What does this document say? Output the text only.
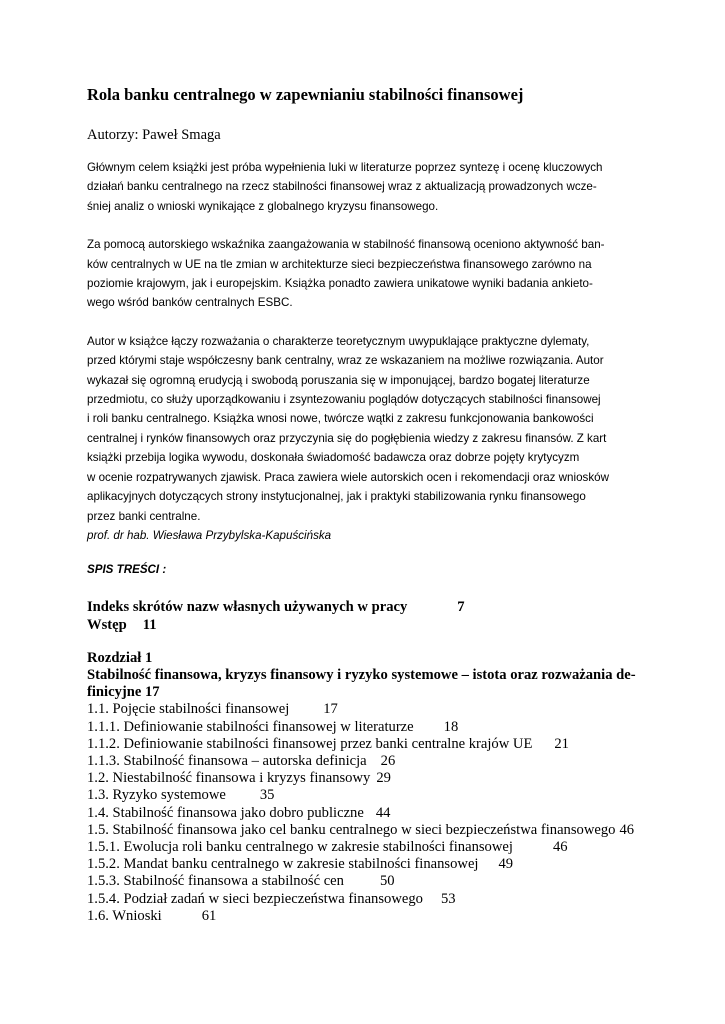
Rola banku centralnego w zapewnianiu stabilności finansowej

Autorzy: Paweł Smaga

Głównym celem książki jest próba wypełnienia luki w literaturze poprzez syntezę i ocenę kluczowych
działań banku centralnego na rzecz stabilności finansowej wraz z aktualizacją prowadzonych wcze-
śniej analiz o wnioski wynikające z globalnego kryzysu finansowego.
Za pomocą autorskiego wskaźnika zaangażowania w stabilność finansową oceniono aktywność ban-
ków centralnych w UE na tle zmian w architekturze sieci bezpieczeństwa finansowego zarówno na
poziomie krajowym, jak i europejskim. Książka ponadto zawiera unikatowe wyniki badania ankieto-
wego wśród banków centralnych ESBC.
Autor w książce łączy rozważania o charakterze teoretycznym uwypuklające praktyczne dylematy,
przed którymi staje współczesny bank centralny, wraz ze wskazaniem na możliwe rozwiązania. Autor
wykazał się ogromną erudycją i swobodą poruszania się w imponującej, bardzo bogatej literaturze
przedmiotu, co służy uporządkowaniu i zsyntezowaniu poglądów dotyczących stabilności finansowej
i roli banku centralnego. Książka wnosi nowe, twórcze wątki z zakresu funkcjonowania bankowości
centralnej i rynków finansowych oraz przyczynia się do pogłębienia wiedzy z zakresu finansów. Z kart
książki przebija logika wywodu, doskonała świadomość badawcza oraz dobrze pojęty krytycyzm
w ocenie rozpatrywanych zjawisk. Praca zawiera wiele autorskich ocen i rekomendacji oraz wniosków
aplikacyjnych dotyczących strony instytucjonalnej, jak i praktyki stabilizowania rynku finansowego
przez banki centralne.
prof. dr hab. Wiesława Przybylska-Kapuścińska
SPIS TREŚCI :
Indeks skrótów nazw własnych używanych w pracy	7
Wstęp 11
Rozdział 1
Stabilność finansowa, kryzys finansowy i ryzyko systemowe – istota oraz rozważania de-
finicyjne 17
1.1. Pojęcie stabilności finansowej 17
1.1.1. Definiowanie stabilności finansowej w literaturze 18
1.1.2. Definiowanie stabilności finansowej przez banki centralne krajów UE 21
1.1.3. Stabilność finansowa – autorska definicja 26
1.2. Niestabilność finansowa i kryzys finansowy 29
1.3. Ryzyko systemowe 35
1.4. Stabilność finansowa jako dobro publiczne 44
1.5. Stabilność finansowa jako cel banku centralnego w sieci bezpieczeństwa finansowego 46
1.5.1. Ewolucja roli banku centralnego w zakresie stabilności finansowej	46
1.5.2. Mandat banku centralnego w zakresie stabilności finansowej 49
1.5.3. Stabilność finansowa a stabilność cen 50
1.5.4. Podział zadań w sieci bezpieczeństwa finansowego 53
1.6. Wnioski	61
